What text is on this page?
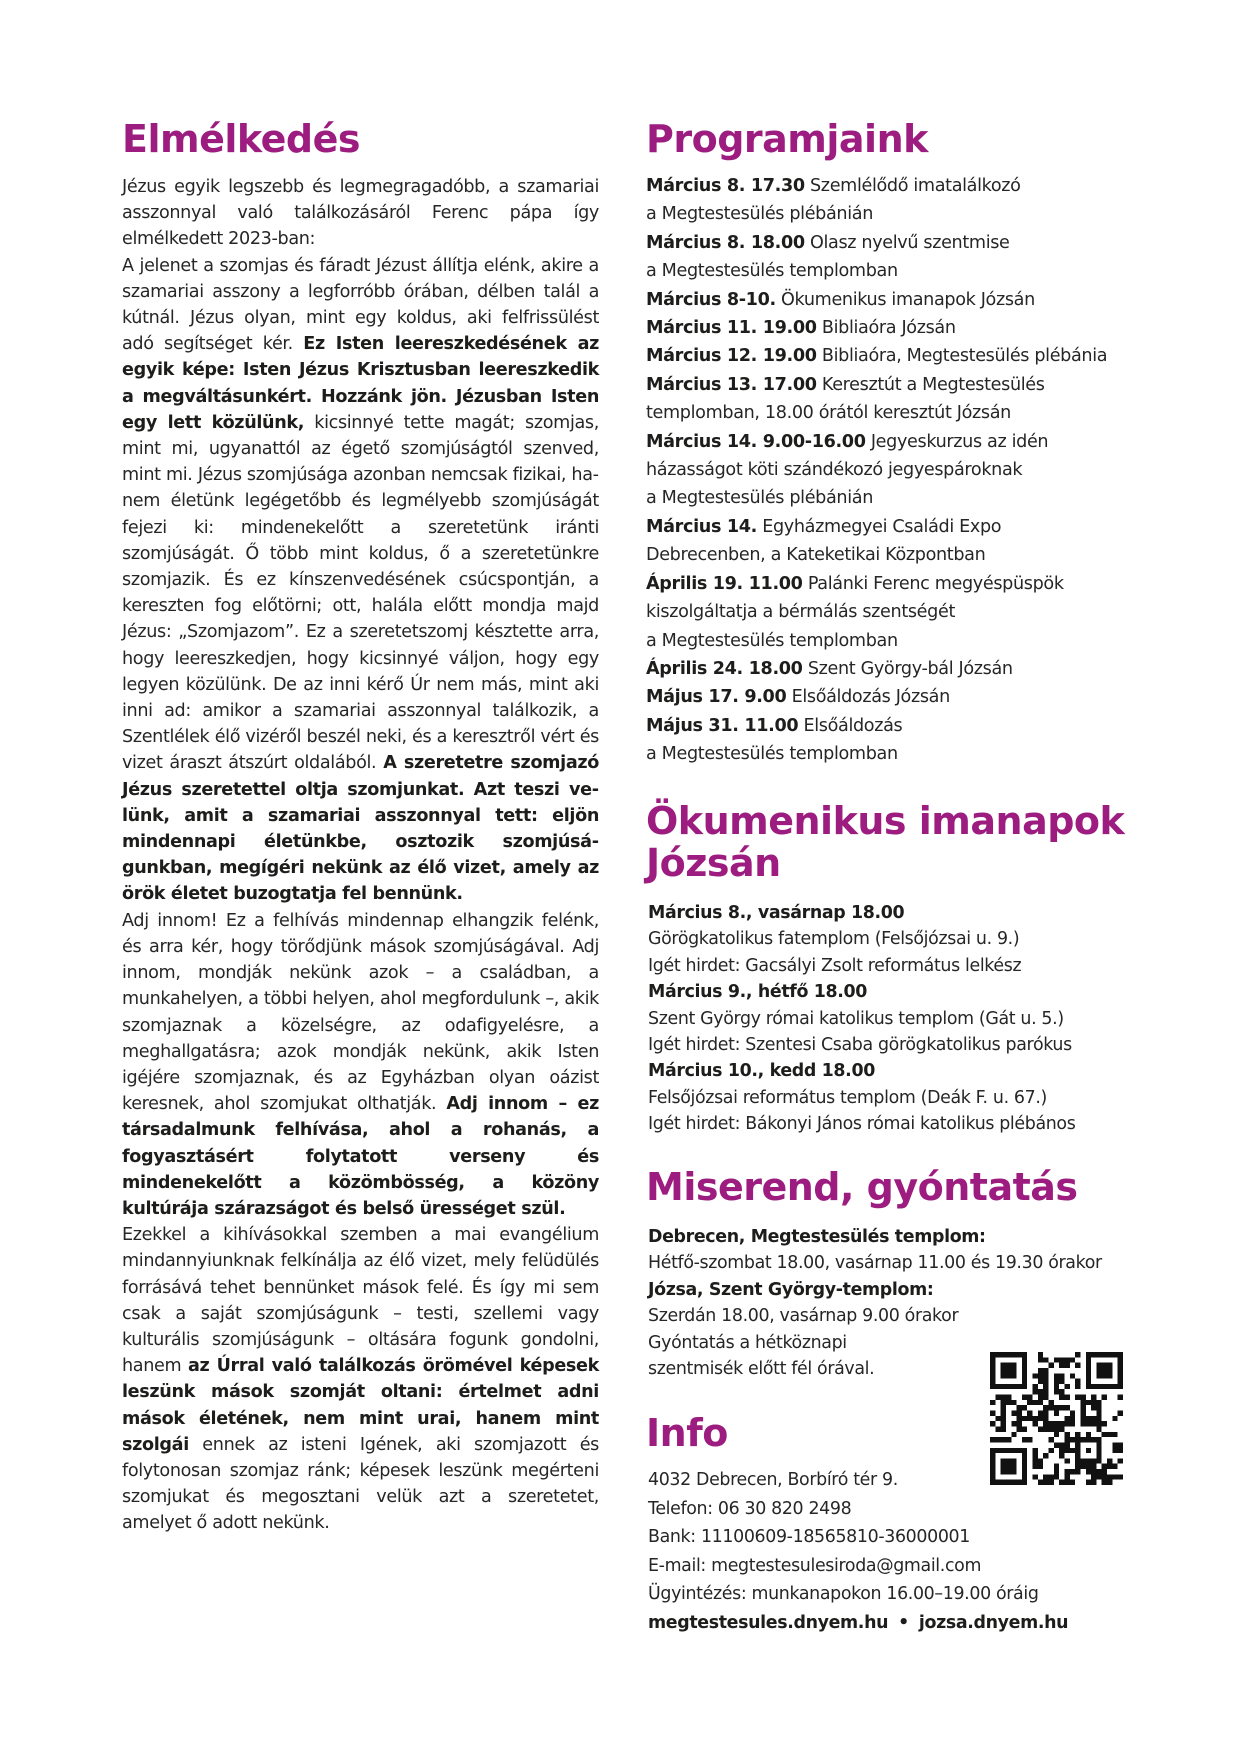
Elmélkedés

Jézus egyik legszebb és legmegragadóbb, a szamariai asszonnyal való találkozásáról Ferenc pápa így elmélkedett 2023-ban:

A jelenet a szomjas és fáradt Jézust állítja elénk, akire a szamariai asszony a legforróbb órában, délben talál a kútnál. Jézus olyan, mint egy koldus, aki felfrissülést adó segítséget kér. Ez Isten leereszkedésének az egyik képe: Isten Jézus Krisztusban leereszkedik a megváltásunkért. Hozzánk jön. Jézusban Isten egy lett közülünk, kicsinnyé tette magát; szomjas, mint mi, ugyanattól az égető szomjúságtól szenved, mint mi. Jézus szomjúsága azonban nemcsak fizikai, hanem életünk legégetőbb és legmélyebb szomjúságát fejezi ki: mindenekelőtt a szeretetünk iránti szomjúságát. Ő több mint koldus, ő a szeretetünkre szomjazik. És ez kínszenvedésének csúcspontján, a kereszten fog előtörni; ott, halála előtt mondja majd Jézus: „Szomjazom”. Ez a szeretetszomj késztette arra, hogy leereszkedjen, hogy kicsinnyé váljon, hogy egy legyen közülünk. De az inni kérő Úr nem más, mint aki inni ad: amikor a szamariai asszonnyal találkozik, a Szentlélek élő vizéről beszél neki, és a keresztről vért és vizet áraszt átszúrt oldalából. A szeretetre szomjazó Jézus szeretettel oltja szomjunkat. Azt teszi velünk, amit a szamariai asszonnyal tett: eljön mindennapi életünkbe, osztozik szomjúságunkban, megígéri nekünk az élő vizet, amely az örök életet buzogtatja fel bennünk.

Adj innom! Ez a felhívás mindennap elhangzik felénk, és arra kér, hogy törődjünk mások szomjúságával. Adj innom, mondják nekünk azok – a családban, a munkahelyen, a többi helyen, ahol megfordulunk –, akik szomjaznak a közelségre, az odafigyelésre, a meghallgatásra; azok mondják nekünk, akik Isten igéjére szomjaznak, és az Egyházban olyan oázist keresnek, ahol szomjukat olthatják. Adj innom – ez társadalmunk felhívása, ahol a rohanás, a fogyasztásért folytatott verseny és mindenekelőtt a közömbösség, a közöny kultúrája szárazságot és belső ürességet szül.

Ezekkel a kihívásokkal szemben a mai evangélium mindannyiunknak felkínálja az élő vizet, mely felüdülés forrásává tehet bennünket mások felé. És így mi sem csak a saját szomjúságunk – testi, szellemi vagy kulturális szomjúságunk – oltására fogunk gondolni, hanem az Úrral való találkozás örömével képesek leszünk mások szomját oltani: értelmet adni mások életének, nem mint urai, hanem mint szolgái ennek az isteni Igének, aki szomjazott és folytonosan szomjaz ránk; képesek leszünk megérteni szomjukat és megosztani velük azt a szeretetet, amelyet ő adott nekünk.

Programjaink
Március 8. 17.30 Szemlélődő imatalálkozó
a Megtestesülés plébánián
Március 8. 18.00 Olasz nyelvű szentmise
a Megtestesülés templomban
Március 8-10. Ökumenikus imanapok Józsán
Március 11. 19.00 Bibliaóra Józsán
Március 12. 19.00 Bibliaóra, Megtestesülés plébánia
Március 13. 17.00 Keresztút a Megtestesülés
templomban, 18.00 órától keresztút Józsán
Március 14. 9.00-16.00 Jegyeskurzus az idén
házasságot köti szándékozó jegyespároknak
a Megtestesülés plébánián
Március 14. Egyházmegyei Családi Expo
Debrecenben, a Kateketikai Központban
Április 19. 11.00 Palánki Ferenc megyéspüspök
kiszolgáltatja a bérmálás szentségét
a Megtestesülés templomban
Április 24. 18.00 Szent György-bál Józsán
Május 17. 9.00 Elsőáldozás Józsán
Május 31. 11.00 Elsőáldozás
a Megtestesülés templomban
Ökumenikus imanapok
Józsán
Március 8., vasárnap 18.00
Görögkatolikus fatemplom (Felsőjózsai u. 9.)
Igét hirdet: Gacsályi Zsolt református lelkész
Március 9., hétfő 18.00
Szent György római katolikus templom (Gát u. 5.)
Igét hirdet: Szentesi Csaba görögkatolikus parókus
Március 10., kedd 18.00
Felsőjózsai református templom (Deák F. u. 67.)
Igét hirdet: Bákonyi János római katolikus plébános
Miserend, gyóntatás
Debrecen, Megtestesülés templom:
Hétfő-szombat 18.00, vasárnap 11.00 és 19.30 órakor
Józsa, Szent György-templom:
Szerdán 18.00, vasárnap 9.00 órakor
Gyóntatás a hétköznapi
szentmisék előtt fél órával.
Info
4032 Debrecen, Borbíró tér 9.
Telefon: 06 30 820 2498
Bank: 11100609-18565810-36000001
E-mail: megtestesulesiroda@gmail.com
Ügyintézés: munkanapokon 16.00–19.00 óráig
megtestesules.dnyem.hu • jozsa.dnyem.hu
